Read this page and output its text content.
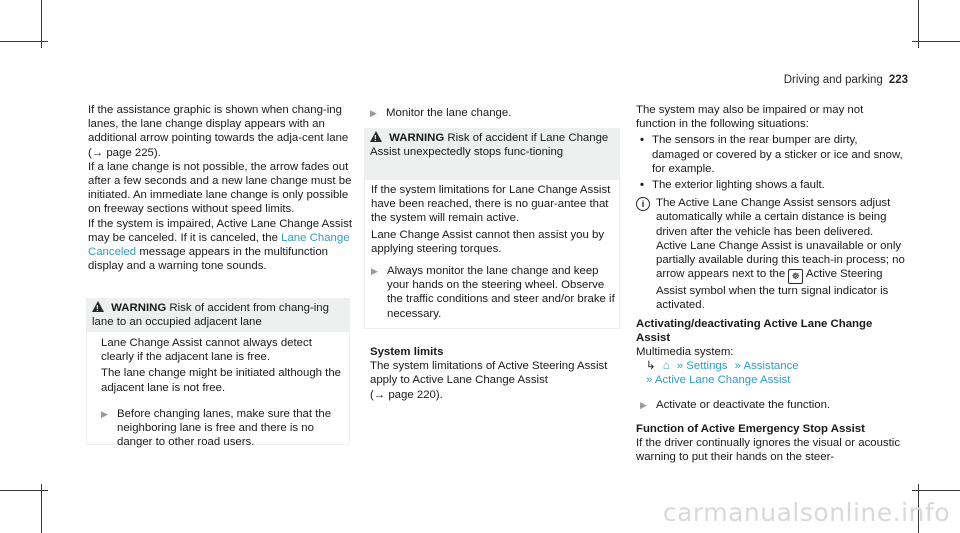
Driving and parking 223

If the assistance graphic is shown when chang-ing lanes, the lane change display appears with an additional arrow pointing towards the adja-cent lane (→ page 225).

If a lane change is not possible, the arrow fades out after a few seconds and a new lane change must be initiated. An immediate lane change is only possible on freeway sections without speed limits.

If the system is impaired, Active Lane Change Assist may be canceled. If it is canceled, the Lane Change Canceled message appears in the multifunction display and a warning tone sounds.

! WARNING Risk of accident from chang-ing lane to an occupied adjacent lane

Lane Change Assist cannot always detect clearly if the adjacent lane is free.

The lane change might be initiated although the adjacent lane is not free.

▶ Before changing lanes, make sure that the neighboring lane is free and there is no danger to other road users.

▶ Monitor the lane change.
! WARNING Risk of accident if Lane Change Assist unexpectedly stops func-tioning

If the system limitations for Lane Change Assist have been reached, there is no guar-antee that the system will remain active.

Lane Change Assist cannot then assist you by applying steering torques.

▶ Always monitor the lane change and keep your hands on the steering wheel. Observe the traffic conditions and steer and/or brake if necessary.

System limits

The system limitations of Active Steering Assist apply to Active Lane Change Assist
(→ page 220).

The system may also be impaired or may not function in the following situations:

• The sensors in the rear bumper are dirty, damaged or covered by a sticker or ice and snow, for example.

• The exterior lighting shows a fault.

i	The Active Lane Change Assist sensors adjust automatically while a certain distance is being driven after the vehicle has been delivered. Active Lane Change Assist is unavailable or only partially available during this teach-in process; no arrow appears next to the ☸ Active Steering Assist symbol when the turn signal indicator is activated.

Activating/deactivating Active Lane Change Assist

Multimedia system:

↳ ⌂ » Settings » Assistance

» Active Lane Change Assist

▶ Activate or deactivate the function.

Function of Active Emergency Stop Assist

If the driver continually ignores the visual or acoustic warning to put their hands on the steer-

carmanualsonline.info
